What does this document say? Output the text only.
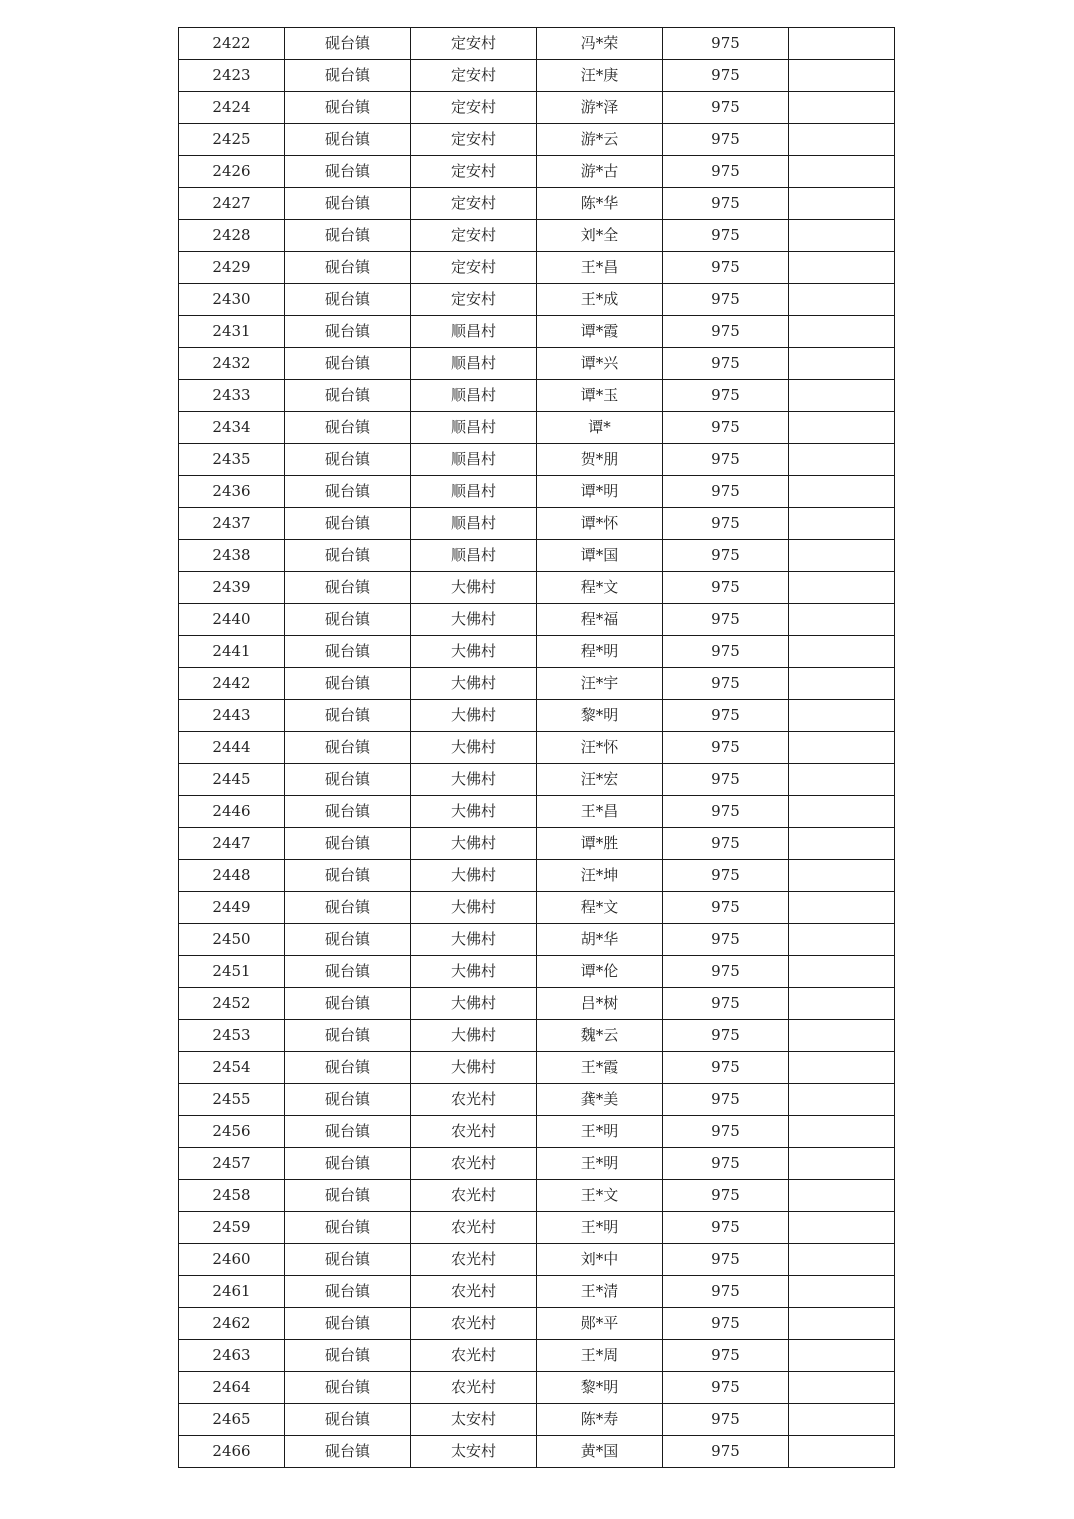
2422	砚台镇	定安村	冯*荣	975	
2423	砚台镇	定安村	汪*庚	975	
2424	砚台镇	定安村	游*泽	975	
2425	砚台镇	定安村	游*云	975	
2426	砚台镇	定安村	游*古	975	
2427	砚台镇	定安村	陈*华	975	
2428	砚台镇	定安村	刘*全	975	
2429	砚台镇	定安村	王*昌	975	
2430	砚台镇	定安村	王*成	975	
2431	砚台镇	顺昌村	谭*霞	975	
2432	砚台镇	顺昌村	谭*兴	975	
2433	砚台镇	顺昌村	谭*玉	975	
2434	砚台镇	顺昌村	谭*	975	
2435	砚台镇	顺昌村	贺*朋	975	
2436	砚台镇	顺昌村	谭*明	975	
2437	砚台镇	顺昌村	谭*怀	975	
2438	砚台镇	顺昌村	谭*国	975	
2439	砚台镇	大佛村	程*文	975	
2440	砚台镇	大佛村	程*福	975	
2441	砚台镇	大佛村	程*明	975	
2442	砚台镇	大佛村	汪*宇	975	
2443	砚台镇	大佛村	黎*明	975	
2444	砚台镇	大佛村	汪*怀	975	
2445	砚台镇	大佛村	汪*宏	975	
2446	砚台镇	大佛村	王*昌	975	
2447	砚台镇	大佛村	谭*胜	975	
2448	砚台镇	大佛村	汪*坤	975	
2449	砚台镇	大佛村	程*文	975	
2450	砚台镇	大佛村	胡*华	975	
2451	砚台镇	大佛村	谭*伦	975	
2452	砚台镇	大佛村	吕*树	975	
2453	砚台镇	大佛村	魏*云	975	
2454	砚台镇	大佛村	王*霞	975	
2455	砚台镇	农光村	龚*美	975	
2456	砚台镇	农光村	王*明	975	
2457	砚台镇	农光村	王*明	975	
2458	砚台镇	农光村	王*文	975	
2459	砚台镇	农光村	王*明	975	
2460	砚台镇	农光村	刘*中	975	
2461	砚台镇	农光村	王*清	975	
2462	砚台镇	农光村	郧*平	975	
2463	砚台镇	农光村	王*周	975	
2464	砚台镇	农光村	黎*明	975	
2465	砚台镇	太安村	陈*寿	975	
2466	砚台镇	太安村	黄*国	975	
